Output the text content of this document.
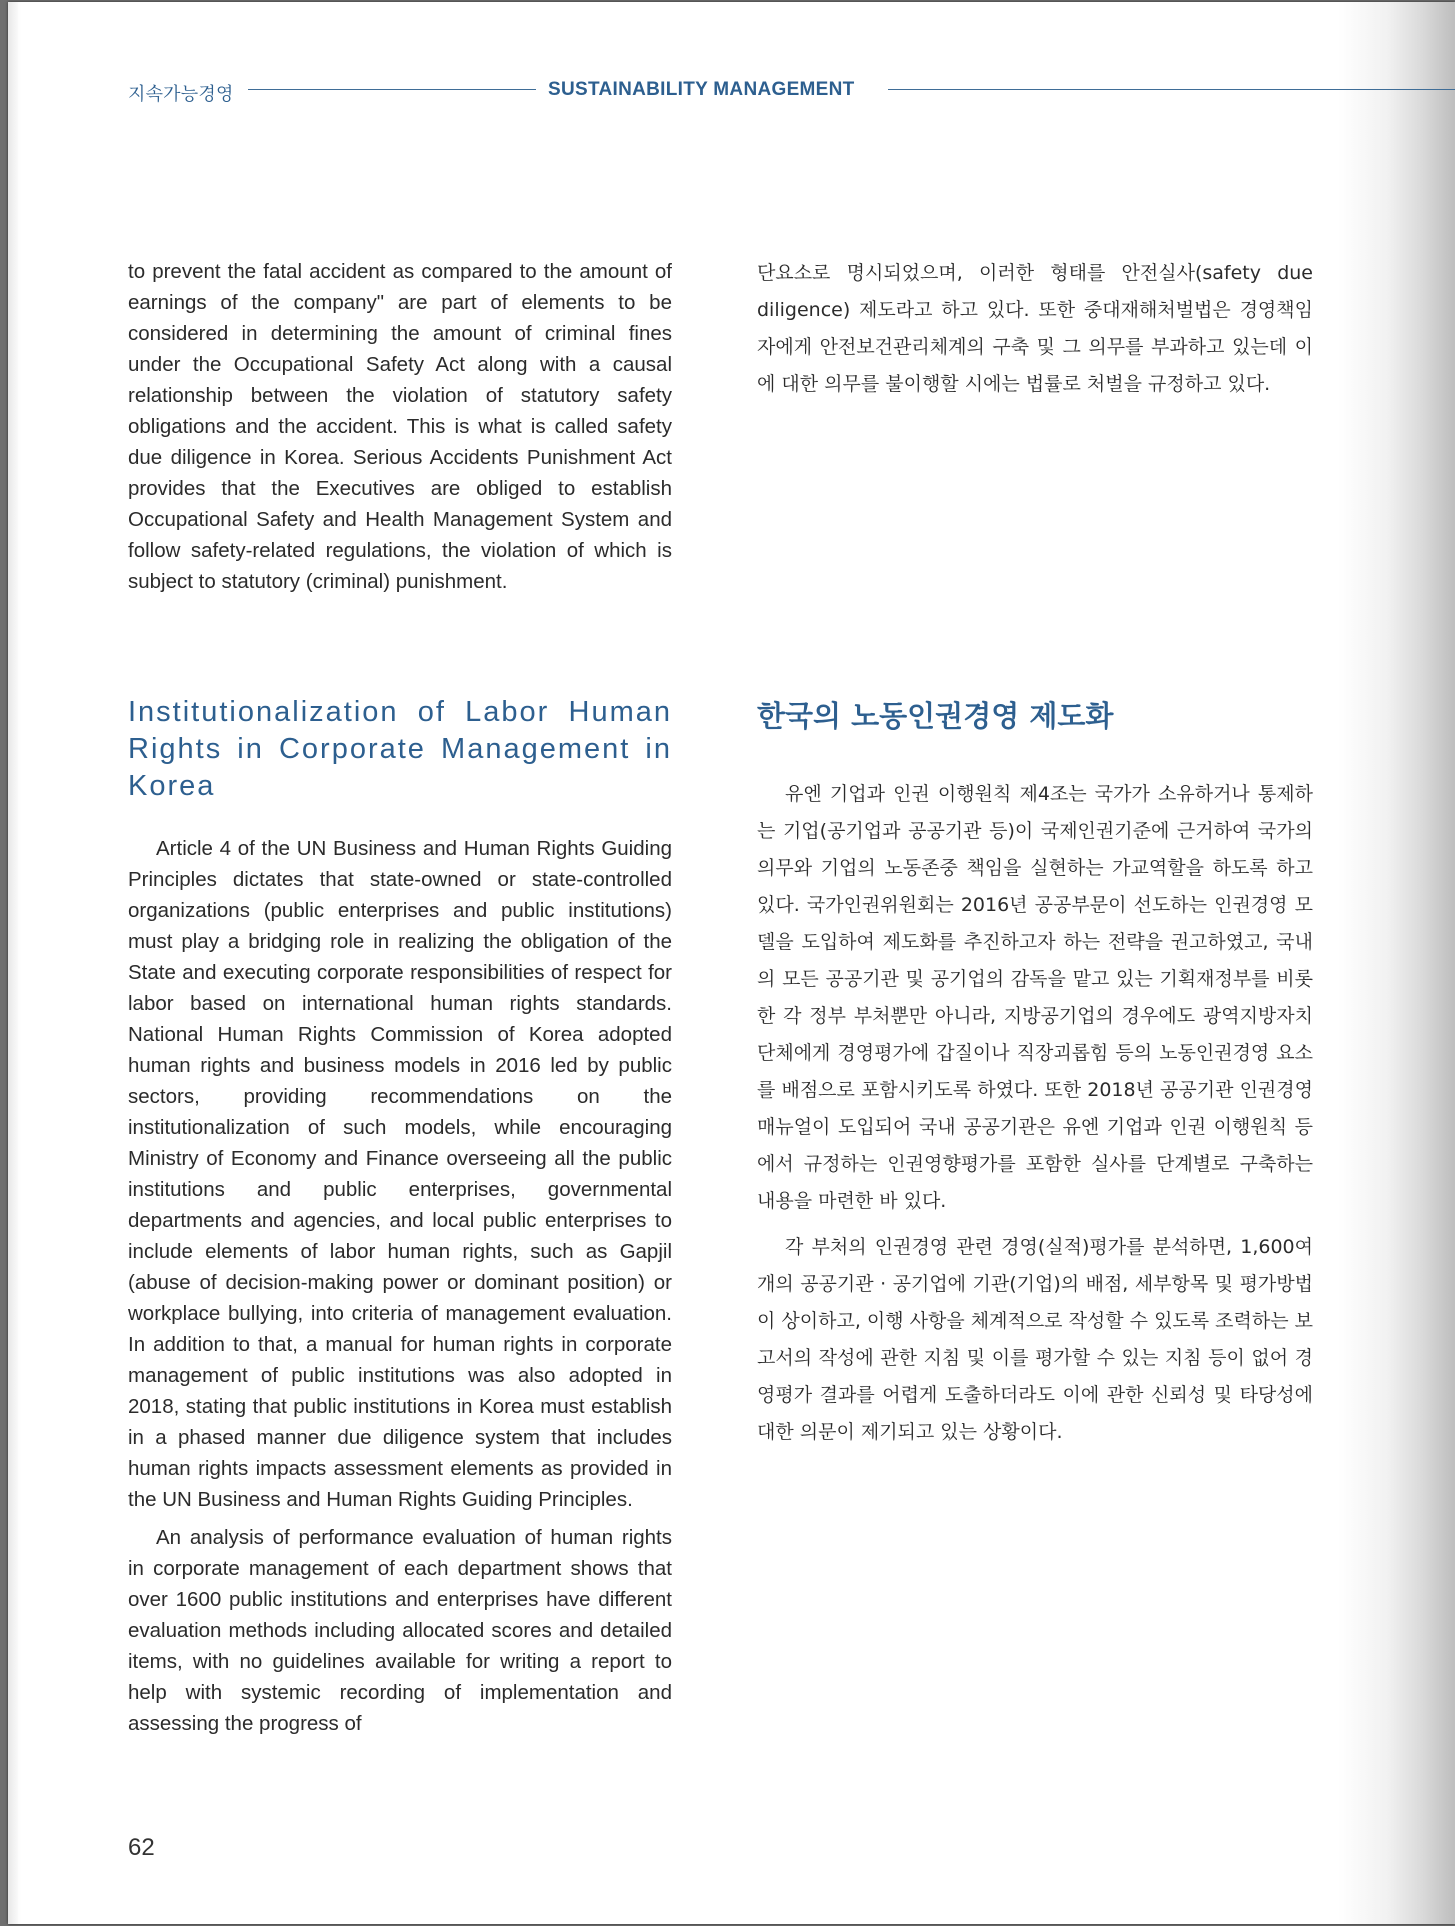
지속가능경영	SUSTAINABILITY MANAGEMENT

to prevent the fatal accident as compared to the amount of earnings of the company" are part of elements to be considered in determining the amount of criminal fines under the Occupational Safety Act along with a causal relationship between the violation of statutory safety obligations and the accident. This is what is called safety due diligence in Korea. Serious Accidents Punishment Act provides that the Executives are obliged to establish Occupational Safety and Health Management System and follow safety-related regulations, the violation of which is subject to statutory (criminal) punishment.

단요소로 명시되었으며, 이러한 형태를 안전실사(safety due diligence) 제도라고 하고 있다. 또한 중대재해처벌법은 경영책임자에게 안전보건관리체계의 구축 및 그 의무를 부과하고 있는데 이에 대한 의무를 불이행할 시에는 법률로 처벌을 규정하고 있다.

Institutionalization of Labor Human Rights in Corporate Management in Korea
한국의 노동인권경영 제도화

Article 4 of the UN Business and Human Rights Guiding Principles dictates that state-owned or state-controlled organizations (public enterprises and public institutions) must play a bridging role in realizing the obligation of the State and executing corporate responsibilities of respect for labor based on international human rights standards. National Human Rights Commission of Korea adopted human rights and business models in 2016 led by public sectors, providing recommendations on the institutionalization of such models, while encouraging Ministry of Economy and Finance overseeing all the public institutions and public enterprises, governmental departments and agencies, and local public enterprises to include elements of labor human rights, such as Gapjil (abuse of decision-making power or dominant position) or workplace bullying, into criteria of management evaluation. In addition to that, a manual for human rights in corporate management of public institutions was also adopted in 2018, stating that public institutions in Korea must establish in a phased manner due diligence system that includes human rights impacts assessment elements as provided in the UN Business and Human Rights Guiding Principles.

An analysis of performance evaluation of human rights in corporate management of each department shows that over 1600 public institutions and enterprises have different evaluation methods including allocated scores and detailed items, with no guidelines available for writing a report to help with systemic recording of implementation and assessing the progress of

유엔 기업과 인권 이행원칙 제4조는 국가가 소유하거나 통제하는 기업(공기업과 공공기관 등)이 국제인권기준에 근거하여 국가의 의무와 기업의 노동존중 책임을 실현하는 가교역할을 하도록 하고 있다. 국가인권위원회는 2016년 공공부문이 선도하는 인권경영 모델을 도입하여 제도화를 추진하고자 하는 전략을 권고하였고, 국내의 모든 공공기관 및 공기업의 감독을 맡고 있는 기획재정부를 비롯한 각 정부 부처뿐만 아니라, 지방공기업의 경우에도 광역지방자치단체에게 경영평가에 갑질이나 직장괴롭힘 등의 노동인권경영 요소를 배점으로 포함시키도록 하였다. 또한 2018년 공공기관 인권경영 매뉴얼이 도입되어 국내 공공기관은 유엔 기업과 인권 이행원칙 등에서 규정하는 인권영향평가를 포함한 실사를 단계별로 구축하는 내용을 마련한 바 있다.

각 부처의 인권경영 관련 경영(실적)평가를 분석하면, 1,600여개의 공공기관 · 공기업에 기관(기업)의 배점, 세부항목 및 평가방법이 상이하고, 이행 사항을 체계적으로 작성할 수 있도록 조력하는 보고서의 작성에 관한 지침 및 이를 평가할 수 있는 지침 등이 없어 경영평가 결과를 어렵게 도출하더라도 이에 관한 신뢰성 및 타당성에 대한 의문이 제기되고 있는 상황이다.

62
